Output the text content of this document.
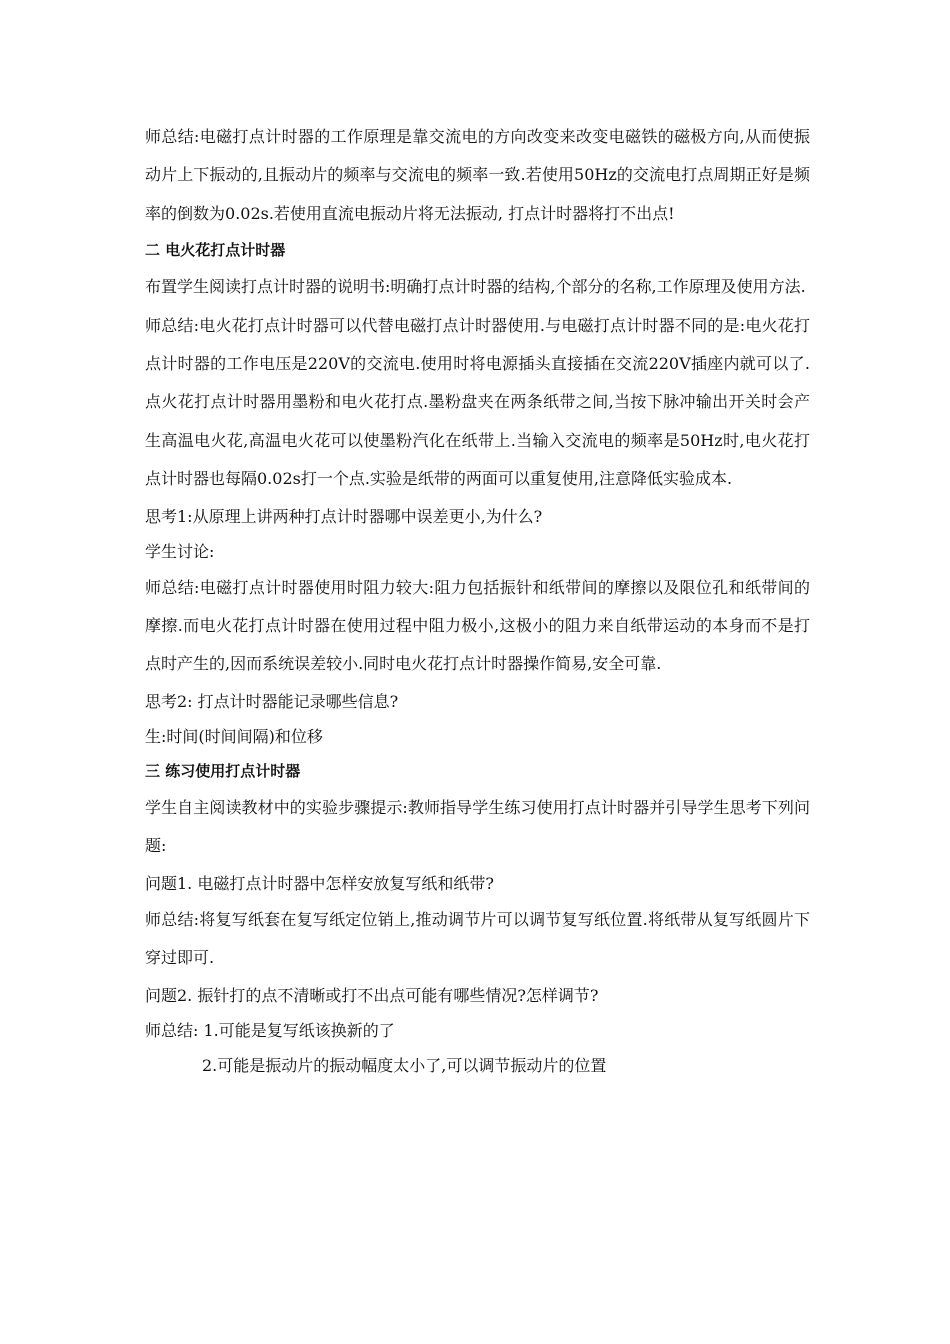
师总结:电磁打点计时器的工作原理是靠交流电的方向改变来改变电磁铁的磁极方向,从而使振动片上下振动的,且振动片的频率与交流电的频率一致.若使用50Hz的交流电打点周期正好是频率的倒数为0.02s.若使用直流电振动片将无法振动, 打点计时器将打不出点!

二 电火花打点计时器

布置学生阅读打点计时器的说明书:明确打点计时器的结构,个部分的名称,工作原理及使用方法.

师总结:电火花打点计时器可以代替电磁打点计时器使用.与电磁打点计时器不同的是:电火花打点计时器的工作电压是220V的交流电.使用时将电源插头直接插在交流220V插座内就可以了.点火花打点计时器用墨粉和电火花打点.墨粉盘夹在两条纸带之间,当按下脉冲输出开关时会产生高温电火花,高温电火花可以使墨粉汽化在纸带上.当输入交流电的频率是50Hz时,电火花打点计时器也每隔0.02s打一个点.实验是纸带的两面可以重复使用,注意降低实验成本.

思考1:从原理上讲两种打点计时器哪中误差更小,为什么?

学生讨论:

师总结:电磁打点计时器使用时阻力较大:阻力包括振针和纸带间的摩擦以及限位孔和纸带间的摩擦.而电火花打点计时器在使用过程中阻力极小,这极小的阻力来自纸带运动的本身而不是打点时产生的,因而系统误差较小.同时电火花打点计时器操作简易,安全可靠.

思考2: 打点计时器能记录哪些信息?

生:时间(时间间隔)和位移

三 练习使用打点计时器

学生自主阅读教材中的实验步骤提示:教师指导学生练习使用打点计时器并引导学生思考下列问题:

问题1. 电磁打点计时器中怎样安放复写纸和纸带?

师总结:将复写纸套在复写纸定位销上,推动调节片可以调节复写纸位置.将纸带从复写纸圆片下穿过即可.

问题2. 振针打的点不清晰或打不出点可能有哪些情况?怎样调节?

师总结: 1.可能是复写纸该换新的了

2.可能是振动片的振动幅度太小了,可以调节振动片的位置
